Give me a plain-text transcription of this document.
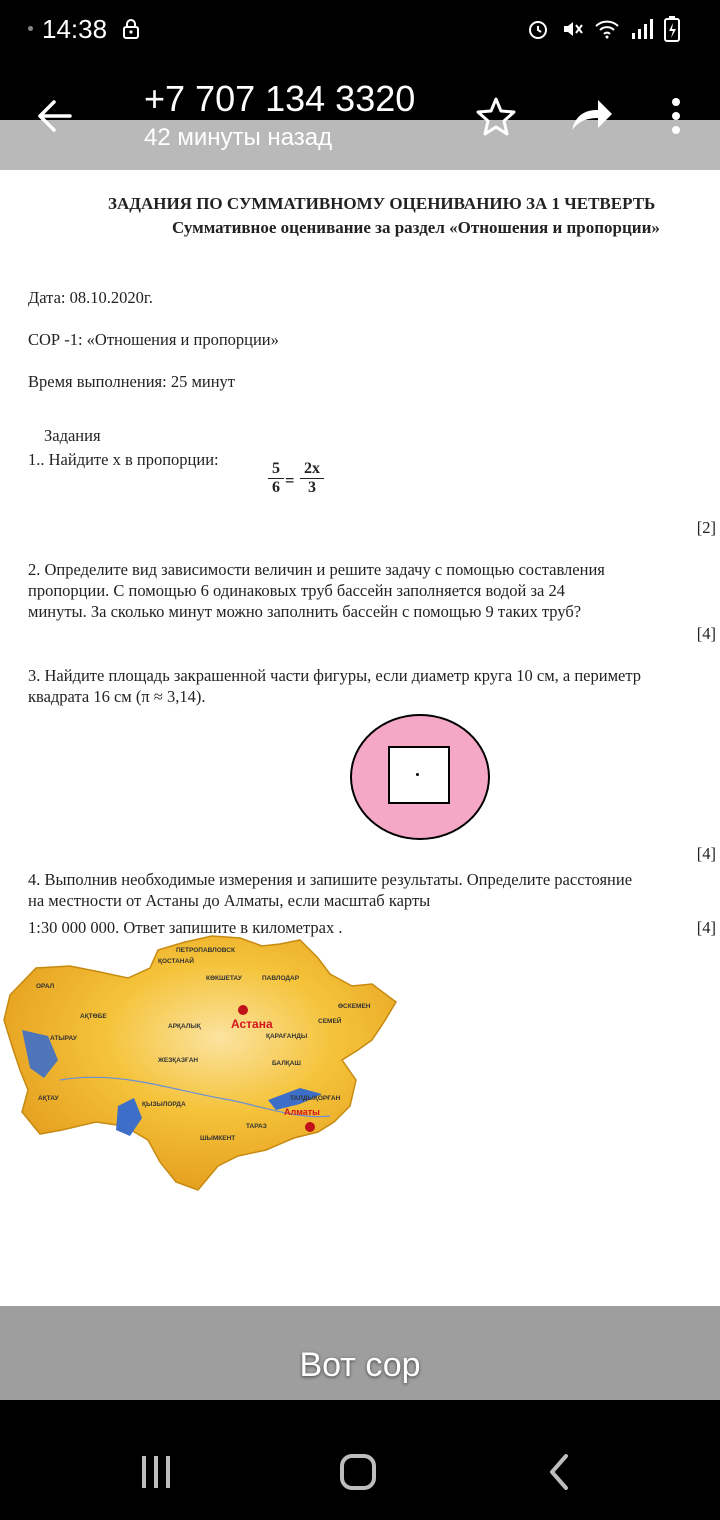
14:38
+7 707 134 3320
42 минуты назад
ЗАДАНИЯ ПО СУММАТИВНОМУ ОЦЕНИВАНИЮ ЗА 1 ЧЕТВЕРТЬ
Суммативное оценивание за раздел «Отношения и пропорции»
Дата: 08.10.2020г.
СОР -1: «Отношения и пропорции»
Время выполнения: 25 минут
Задания
1.. Найдите х в пропорции:
$\frac{5}{6} = \frac{2x}{3}$
[2]
2. Определите вид зависимости величин и решите задачу с помощью составления
пропорции. С помощью 6 одинаковых труб бассейн заполняется водой за 24
минуты. За сколько минут можно заполнить бассейн с помощью 9 таких труб?
[4]
3. Найдите площадь закрашенной части фигуры, если диаметр круга 10 см, а периметр
квадрата 16 см (π ≈ 3,14).
[4]
4. Выполнив необходимые измерения и запишите результаты. Определите расстояние
на местности от Астаны до Алматы, если масштаб карты
1:30 000 000. Ответ запишите в километрах .	[4]
ПЕТРОПАВЛОВСК
ҚОСТАНАЙ
КӨКШЕТАУ	ПАВЛОДАР
ОРАЛ
АҚТӨБЕ
ӨСКЕМЕН
СЕМЕЙ
АРҚАЛЫҚ
ҚАРАҒАНДЫ
АТЫРАУ
ЖЕЗҚАЗҒАН	БАЛҚАШ
АҚТАУ
ҚЫЗЫЛОРДА
ТАЛДЫҚОРҒАН
ТАРАЗ
ШЫМКЕНТ
Астана
Алматы
Вот сор
